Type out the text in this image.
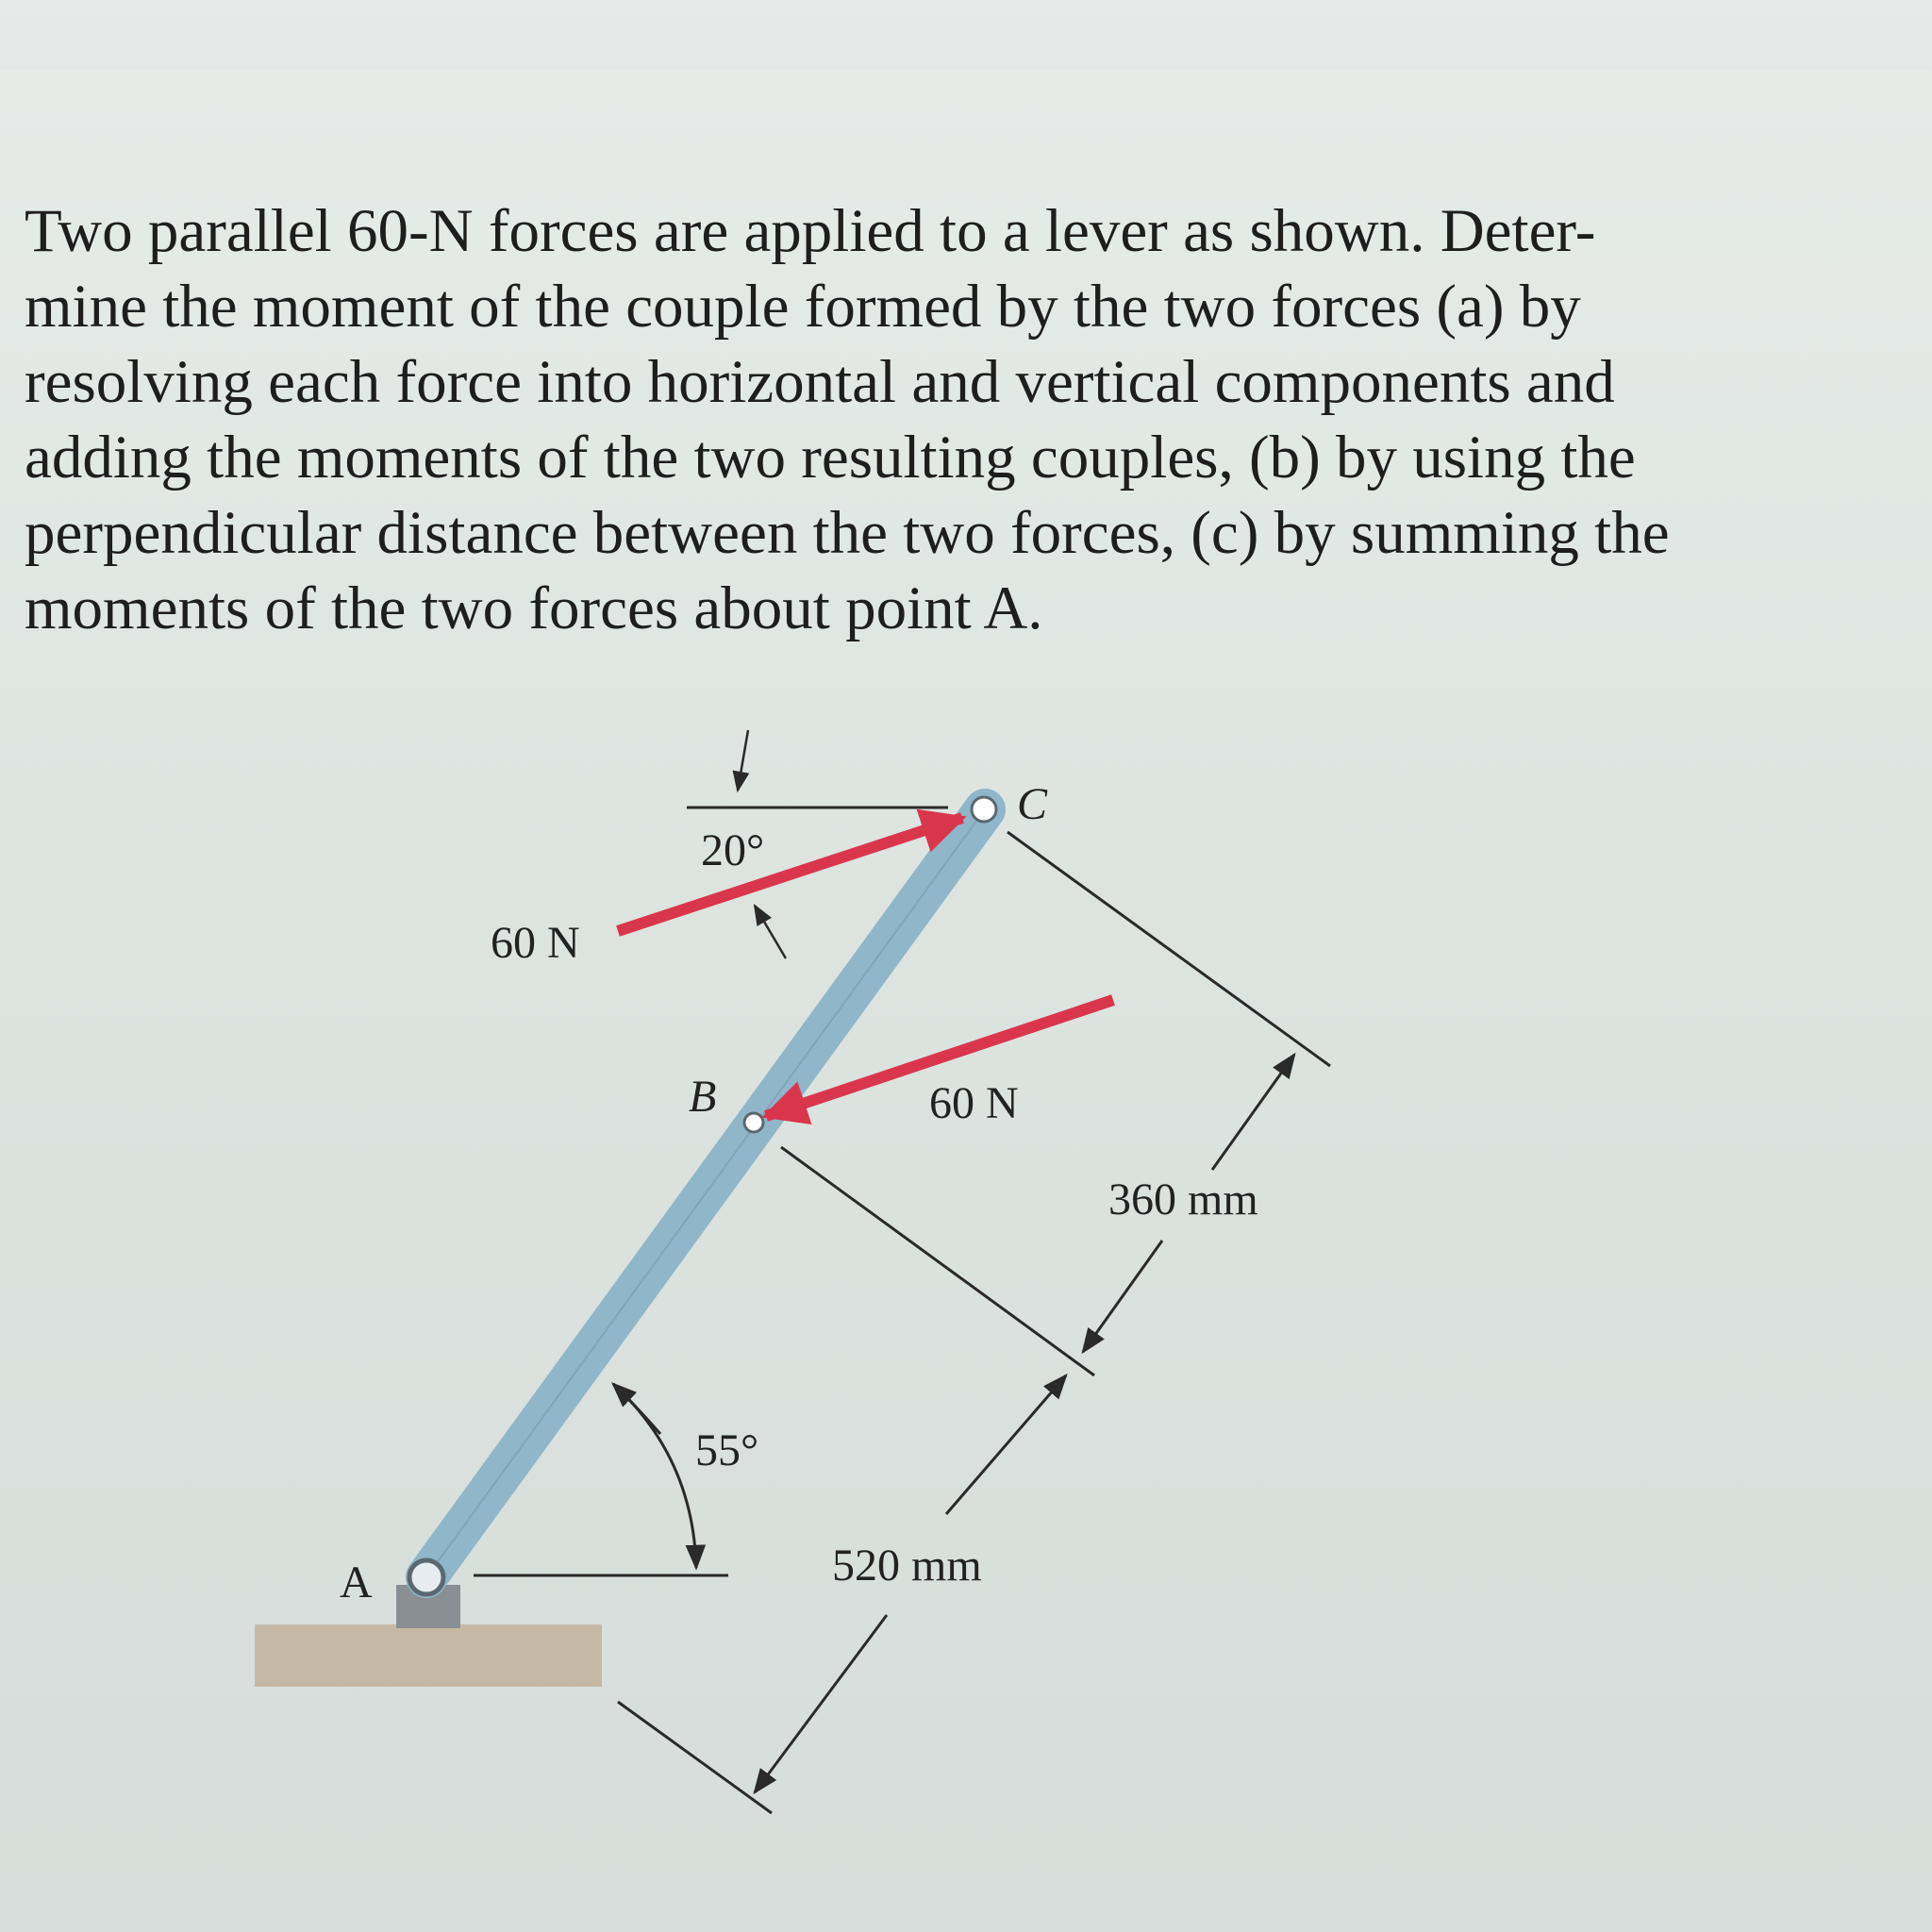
Two parallel 60-N forces are applied to a lever as shown. Deter-
mine the moment of the couple formed by the two forces (a) by
resolving each force into horizontal and vertical components and
adding the moments of the two resulting couples, (b) by using the
perpendicular distance between the two forces, (c) by summing the
moments of the two forces about point A.
A
B
C
60 N
60 N
20°
55°
360 mm
520 mm
